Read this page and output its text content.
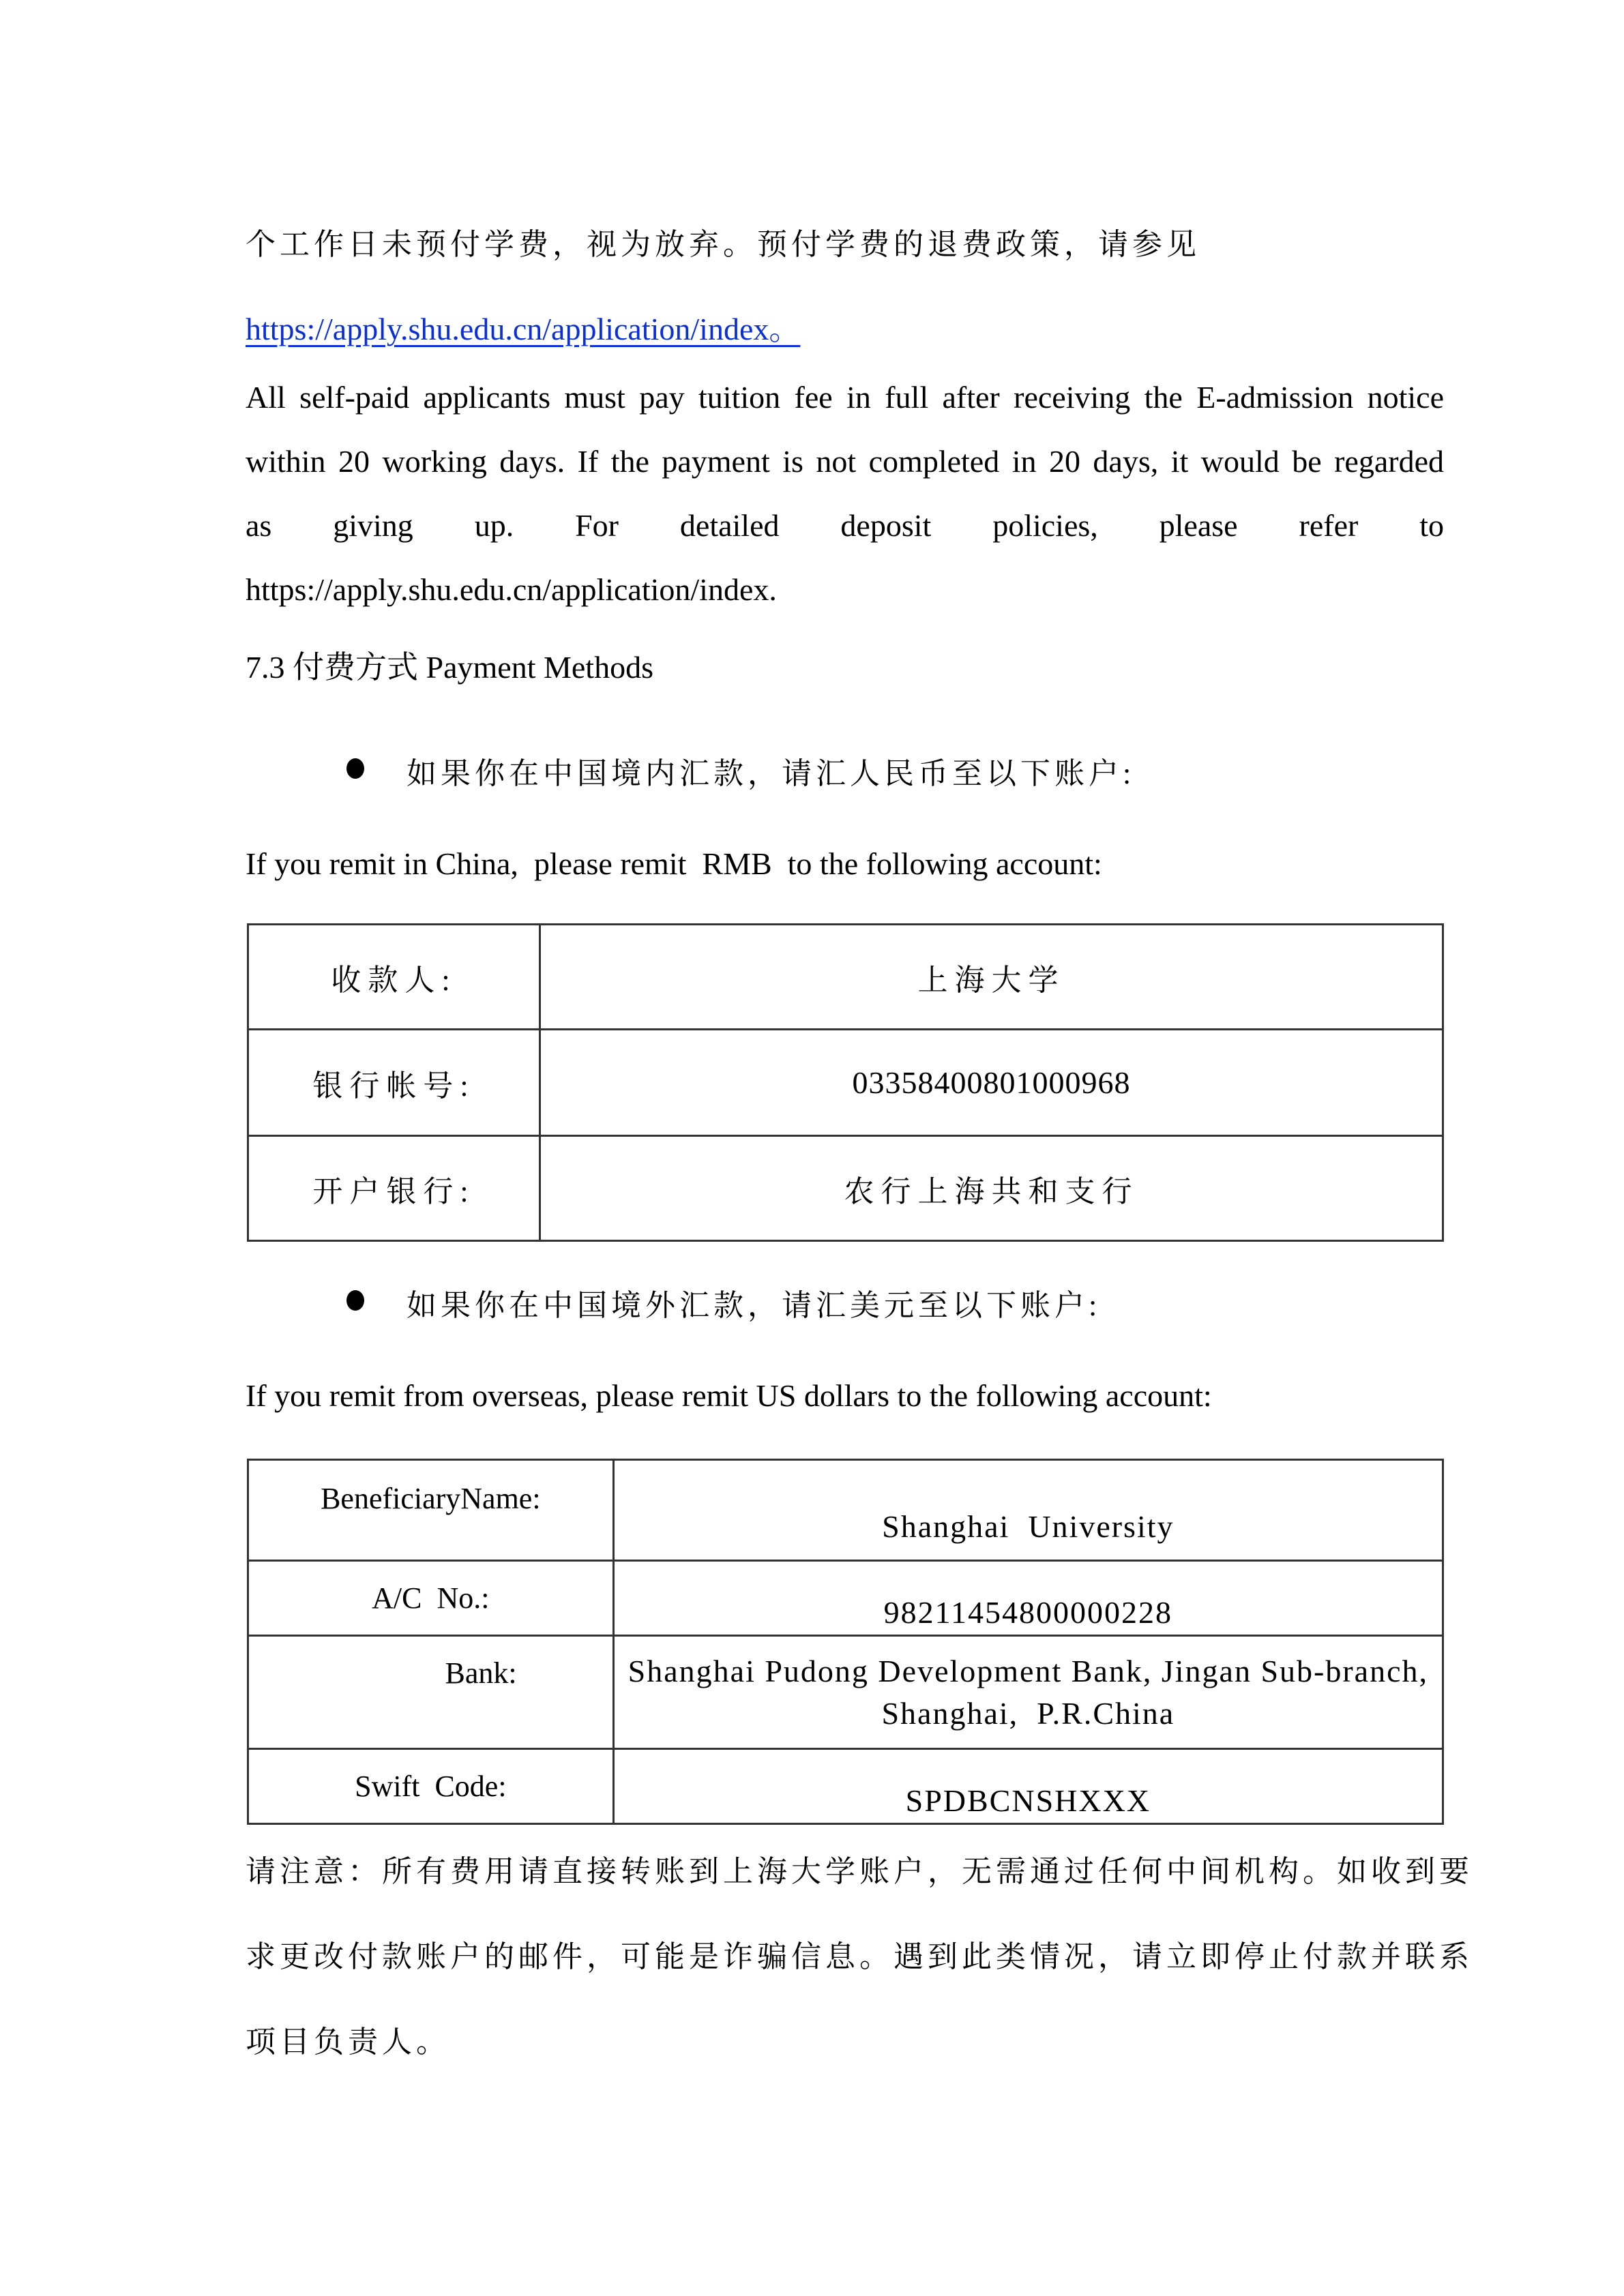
个工作日未预付学费，视为放弃。预付学费的退费政策，请参见
https://apply.shu.edu.cn/application/index。
All self-paid applicants must pay tuition fee in full after receiving the E-admission notice
within 20 working days. If the payment is not completed in 20 days, it would be regarded
as giving up. For detailed deposit policies, please refer to
https://apply.shu.edu.cn/application/index.
7.3 付费方式 Payment Methods
如果你在中国境内汇款，请汇人民币至以下账户:
If you remit in China,  please remit  RMB  to the following account:
收款人:	上海大学
银行帐号:	03358400801000968
开户银行:	农行上海共和支行
如果你在中国境外汇款，请汇美元至以下账户:
If you remit from overseas, please remit US dollars to the following account:
BeneficiaryName:	Shanghai  University
A/C  No.:	98211454800000228
Bank:	Shanghai Pudong Development Bank, Jingan Sub-branch,
Shanghai,  P.R.China

Swift  Code:	SPDBCNSHXXX
请注意：所有费用请直接转账到上海大学账户，无需通过任何中间机构。如收到要
求更改付款账户的邮件，可能是诈骗信息。遇到此类情况，请立即停止付款并联系
项目负责人。
